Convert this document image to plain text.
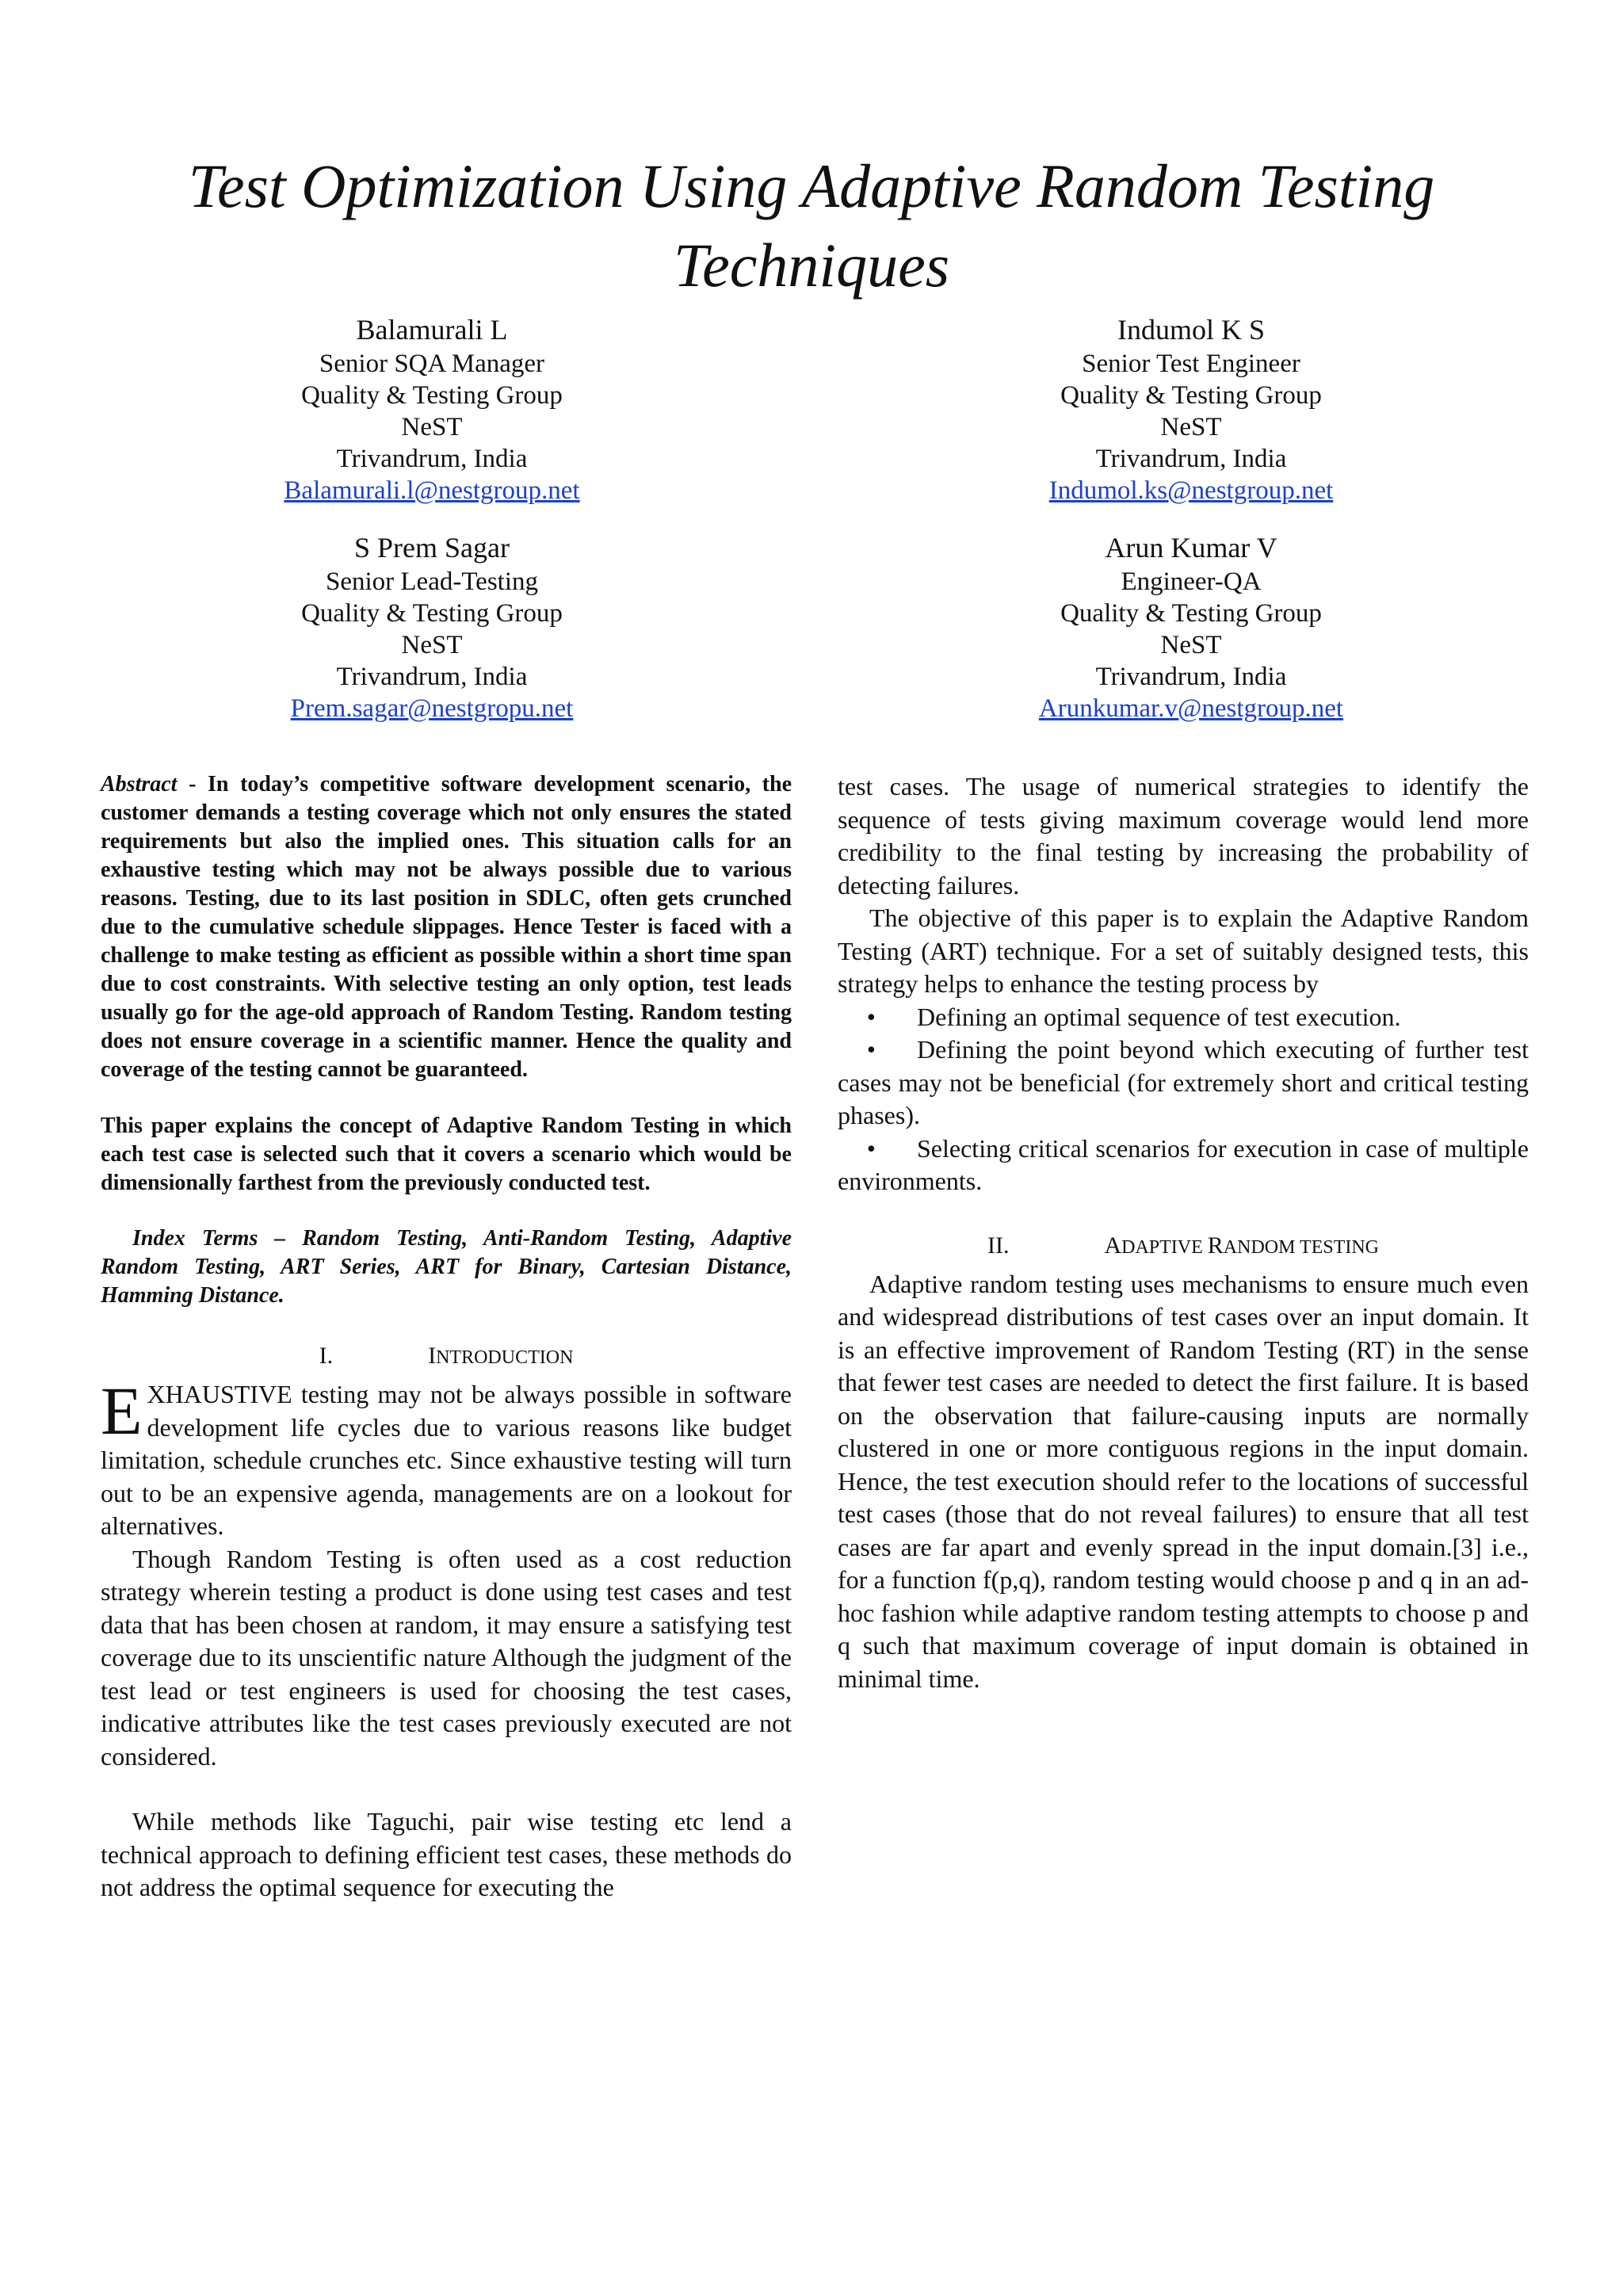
Test Optimization Using Adaptive Random Testing Techniques
Balamurali L
Senior SQA Manager
Quality & Testing Group
NeST
Trivandrum, India
Balamurali.l@nestgroup.net
Indumol K S
Senior Test Engineer
Quality & Testing Group
NeST
Trivandrum, India
Indumol.ks@nestgroup.net
S Prem Sagar
Senior Lead-Testing
Quality & Testing Group
NeST
Trivandrum, India
Prem.sagar@nestgropu.net
Arun Kumar V
Engineer-QA
Quality & Testing Group
NeST
Trivandrum, India
Arunkumar.v@nestgroup.net

Abstract - In today’s competitive software development scenario, the customer demands a testing coverage which not only ensures the stated requirements but also the implied ones. This situation calls for an exhaustive testing which may not be always possible due to various reasons. Testing, due to its last position in SDLC, often gets crunched due to the cumulative schedule slippages. Hence Tester is faced with a challenge to make testing as efficient as possible within a short time span due to cost constraints. With selective testing an only option, test leads usually go for the age-old approach of Random Testing. Random testing does not ensure coverage in a scientific manner. Hence the quality and coverage of the testing cannot be guaranteed.

This paper explains the concept of Adaptive Random Testing in which each test case is selected such that it covers a scenario which would be dimensionally farthest from the previously conducted test.

Index Terms – Random Testing, Anti-Random Testing, Adaptive Random Testing, ART Series, ART for Binary, Cartesian Distance, Hamming Distance.

I.	INTRODUCTION

EXHAUSTIVE testing may not be always possible in software development life cycles due to various reasons like budget limitation, schedule crunches etc. Since exhaustive testing will turn out to be an expensive agenda, managements are on a lookout for alternatives.

Though Random Testing is often used as a cost reduction strategy wherein testing a product is done using test cases and test data that has been chosen at random, it may ensure a satisfying test coverage due to its unscientific nature Although the judgment of the test lead or test engineers is used for choosing the test cases, indicative attributes like the test cases previously executed are not considered.

While methods like Taguchi, pair wise testing etc lend a technical approach to defining efficient test cases, these methods do not address the optimal sequence for executing the

test cases. The usage of numerical strategies to identify the sequence of tests giving maximum coverage would lend more credibility to the final testing by increasing the probability of detecting failures.

The objective of this paper is to explain the Adaptive Random Testing (ART) technique. For a set of suitably designed tests, this strategy helps to enhance the testing process by

• Defining an optimal sequence of test execution.
• Defining the point beyond which executing of further test cases may not be beneficial (for extremely short and critical testing phases).
• Selecting critical scenarios for execution in case of multiple environments.
II.	ADAPTIVE RANDOM TESTING

Adaptive random testing uses mechanisms to ensure much even and widespread distributions of test cases over an input domain. It is an effective improvement of Random Testing (RT) in the sense that fewer test cases are needed to detect the first failure. It is based on the observation that failure-causing inputs are normally clustered in one or more contiguous regions in the input domain. Hence, the test execution should refer to the locations of successful test cases (those that do not reveal failures) to ensure that all test cases are far apart and evenly spread in the input domain.[3] i.e., for a function f(p,q), random testing would choose p and q in an ad-hoc fashion while adaptive random testing attempts to choose p and q such that maximum coverage of input domain is obtained in minimal time.
